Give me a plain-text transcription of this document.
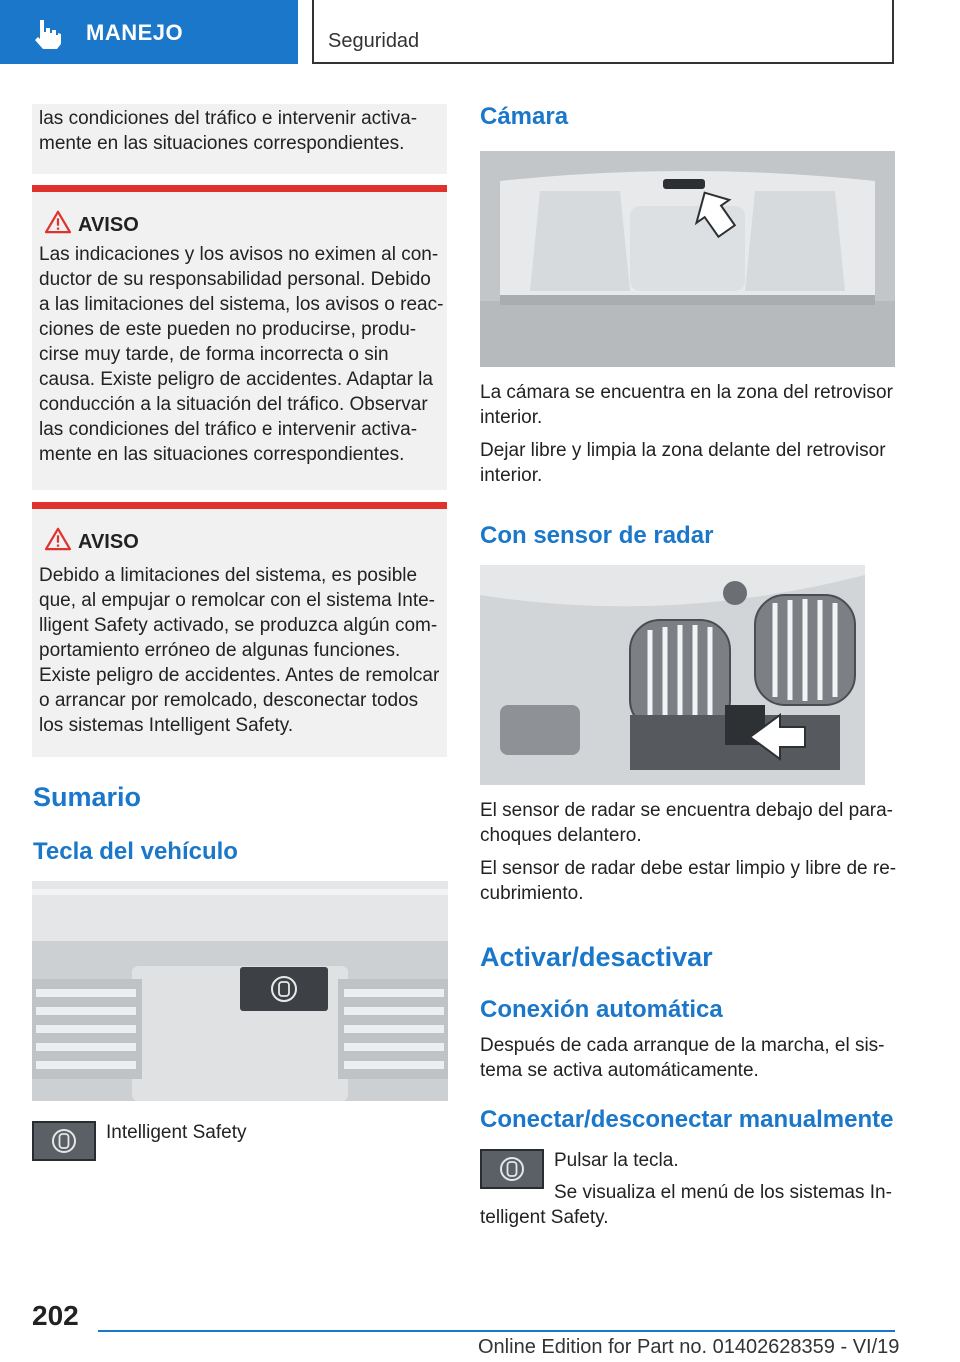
MANEJO	Seguridad

las condiciones del tráfico e intervenir activa-

mente en las situaciones correspondientes.

AVISO

Las indicaciones y los avisos no eximen al con-

ductor de su responsabilidad personal. Debido

a las limitaciones del sistema, los avisos o reac-

ciones de este pueden no producirse, produ-

cirse muy tarde, de forma incorrecta o sin

causa. Existe peligro de accidentes. Adaptar la

conducción a la situación del tráfico. Observar

las condiciones del tráfico e intervenir activa-

mente en las situaciones correspondientes.

AVISO

Debido a limitaciones del sistema, es posible

que, al empujar o remolcar con el sistema Inte-

lligent Safety activado, se produzca algún com-

portamiento erróneo de algunas funciones.

Existe peligro de accidentes. Antes de remolcar

o arrancar por remolcado, desconectar todos

los sistemas Intelligent Safety.

Sumario
Tecla del vehículo

Intelligent Safety

Cámara

La cámara se encuentra en la zona del retrovisor

interior.

Dejar libre y limpia la zona delante del retrovisor

interior.

Con sensor de radar

El sensor de radar se encuentra debajo del para-

choques delantero.

El sensor de radar debe estar limpio y libre de re-

cubrimiento.

Activar/desactivar
Conexión automática

Después de cada arranque de la marcha, el sis-

tema se activa automáticamente.

Conectar/desconectar manualmente

Pulsar la tecla.

Se visualiza el menú de los sistemas In-

telligent Safety.

202
Online Edition for Part no. 01402628359 - VI/19
